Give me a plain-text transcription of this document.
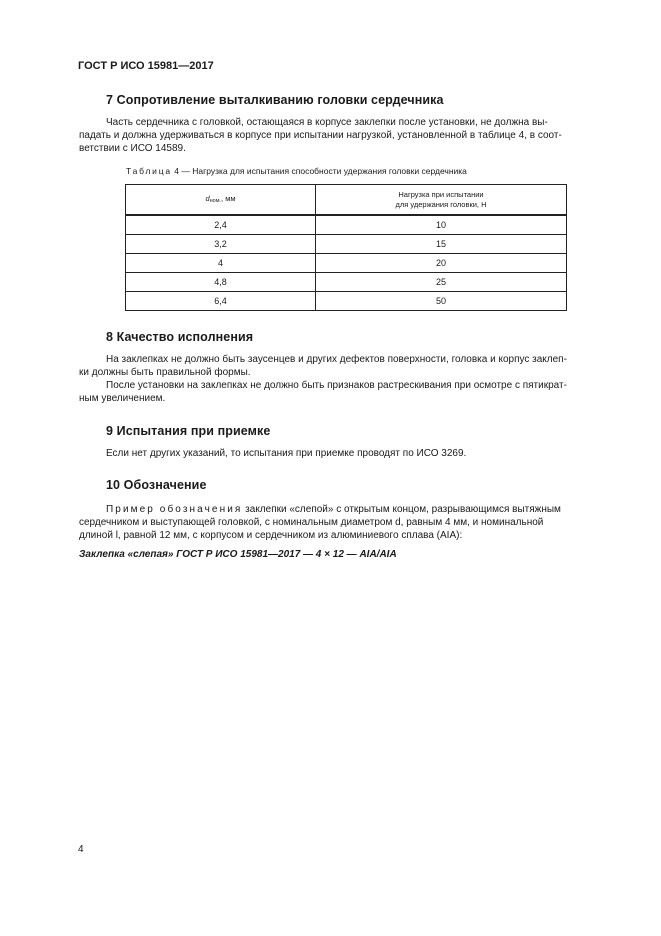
ГОСТ Р ИСО 15981—2017
7 Сопротивление выталкиванию головки сердечника
Часть сердечника с головкой, остающаяся в корпусе заклепки после установки, не должна вы-
падать и должна удерживаться в корпусе при испытании нагрузкой, установленной в таблице 4, в соот-
ветствии с ИСО 14589.
Таблица 4 — Нагрузка для испытания способности удержания головки сердечника
dном., мм	Нагрузка при испытании
для удержания головки, Н
2,4	10
3,2	15
4	20
4,8	25
6,4	50
8 Качество исполнения
На заклепках не должно быть заусенцев и других дефектов поверхности, головка и корпус заклеп-
ки должны быть правильной формы.
После установки на заклепках не должно быть признаков растрескивания при осмотре с пятикрат-
ным увеличением.
9 Испытания при приемке
Если нет других указаний, то испытания при приемке проводят по ИСО 3269.
10 Обозначение
Пример обозначения заклепки «слепой» с открытым концом, разрывающимся вытяжным
сердечником и выступающей головкой, с номинальным диаметром d, равным 4 мм, и номинальной
длиной l, равной 12 мм, с корпусом и сердечником из алюминиевого сплава (AIA):
Заклепка «слепая» ГОСТ Р ИСО 15981—2017 — 4 × 12 — AIA/AIA
4
